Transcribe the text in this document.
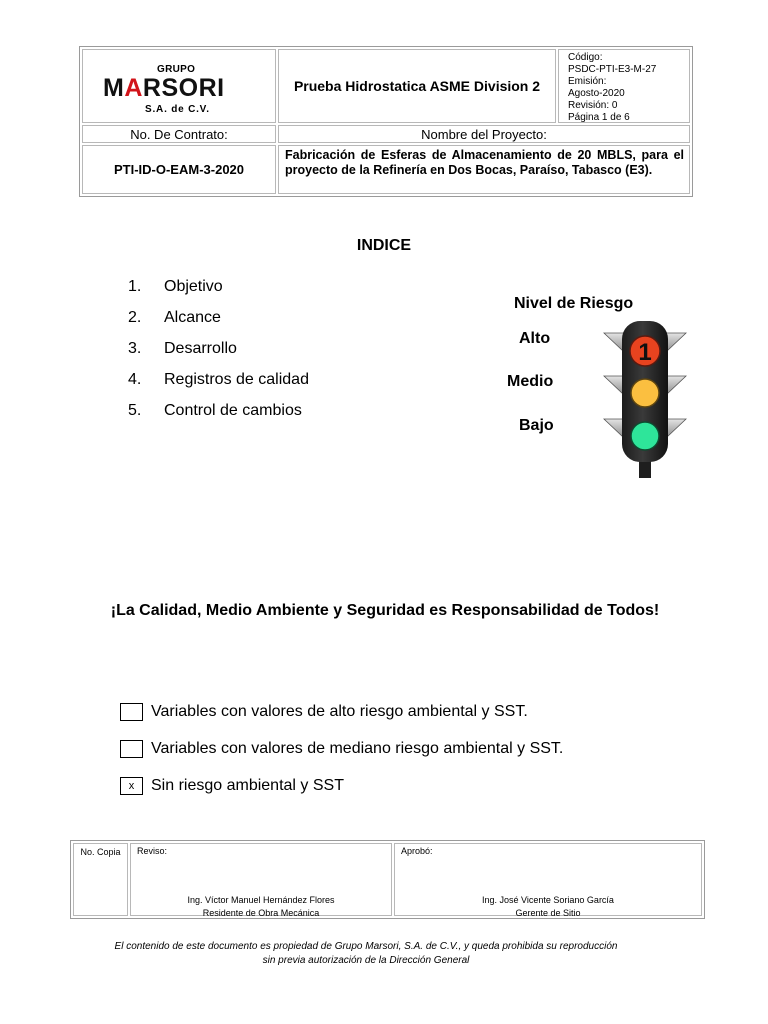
GRUPO
MARSORI
S.A. de C.V.
Prueba Hidrostatica ASME Division 2
Código:
PSDC-PTI-E3-M-27
Emisión:
Agosto-2020
Revisión: 0
Página 1 de 6
No. De Contrato:	Nombre del Proyecto:
PTI-ID-O-EAM-3-2020
Fabricación de Esferas de Almacenamiento de 20 MBLS, para el proyecto de la Refinería en Dos Bocas, Paraíso, Tabasco (E3).
INDICE
1.	Objetivo
2.	Alcance
3.	Desarrollo
4.	Registros de calidad
5.	Control de cambios
Nivel de Riesgo
Alto
Medio
Bajo
1
¡La Calidad, Medio Ambiente y Seguridad es Responsabilidad de Todos!
Variables con valores de alto riesgo ambiental y SST.
Variables con valores de mediano riesgo ambiental y SST.
x	Sin riesgo ambiental y SST
No. Copia	Reviso:
Ing. Víctor Manuel Hernández Flores
Residente de Obra Mecánica
Aprobó:
Ing. José Vicente Soriano García
Gerente de Sitio
El contenido de este documento es propiedad de Grupo Marsori, S.A. de C.V., y queda prohibida su reproducción
sin previa autorización de la Dirección General
